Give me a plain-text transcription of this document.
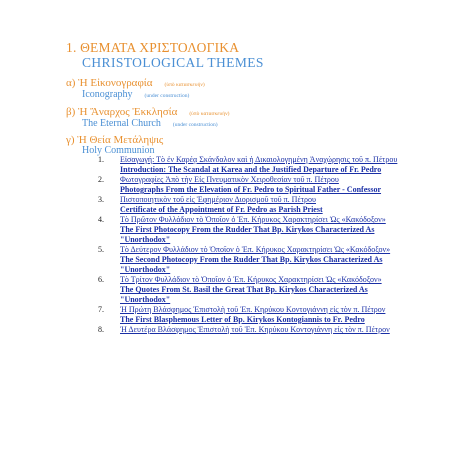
1. ΘΕΜΑΤΑ ΧΡΙΣΤΟΛΟΓΙΚΑ
CHRISTOLOGICAL THEMES
α) Ἡ Εἰκονογραφία (ὑπὸ κατασκευήν)
Iconography (under construction)
β) Ἡ Ἄναρχος Ἐκκλησία (ὑπὸ κατασκευήν)
The Eternal Church (under construction)
γ) Ἡ Θεία Μετάληψις
Holy Communion
1. Εἰσαγωγή: Τὸ ἐν Καρέᾳ Σκάνδαλον καὶ ἡ Δικαιολογημένη Ἀναχώρησις τοῦ π. Πέτρου
Introduction: The Scandal at Karea and the Justified Departure of Fr. Pedro
2. Φωτογραφίες Ἀπὸ τὴν Εἰς Πνευματικὸν Χειροθεσίαν τοῦ π. Πέτρου
Photographs From the Elevation of Fr. Pedro to Spiritual Father - Confessor
3. Πιστοποιητικὸν τοῦ εἰς Ἐφημέριον Διορισμοῦ τοῦ π. Πέτρου
Certificate of the Appointment of Fr. Pedro as Parish Priest
4. Τὸ Πρῶτον Φυλλάδιον τὸ Ὁποῖον ὁ Ἐπ. Κήρυκος Χαρακτηρίσει Ὡς «Κακόδοξον»
The First Photocopy From the Rudder That Bp. Kirykos Characterized As "Unorthodox"
5. Τὸ Δεύτερον Φυλλάδιον τὸ Ὁποῖον ὁ Ἐπ. Κήρυκος Χαρακτηρίσει Ὡς «Κακόδοξον»
The Second Photocopy From the Rudder That Bp. Kirykos Characterized As "Unorthodox"
6. Τὸ Τρίτον Φυλλάδιον τὸ Ὁποῖον ὁ Ἐπ. Κήρυκος Χαρακτηρίσει Ὡς «Κακόδοξον»
The Quotes From St. Basil the Great That Bp. Kirykos Characterized As "Unorthodox"
7. Ἡ Πρώτη Βλάσφημος Ἐπιστολὴ τοῦ Ἐπ. Κηρύκου Κοντογιάννη εἰς τὸν π. Πέτρον
The First Blasphemous Letter of Bp. Kirykos Kontogiannis to Fr. Pedro
8. Ἡ Δευτέρα Βλάσφημος Ἐπιστολὴ τοῦ Ἐπ. Κηρύκου Κοντογιάννη εἰς τὸν π. Πέτρον
